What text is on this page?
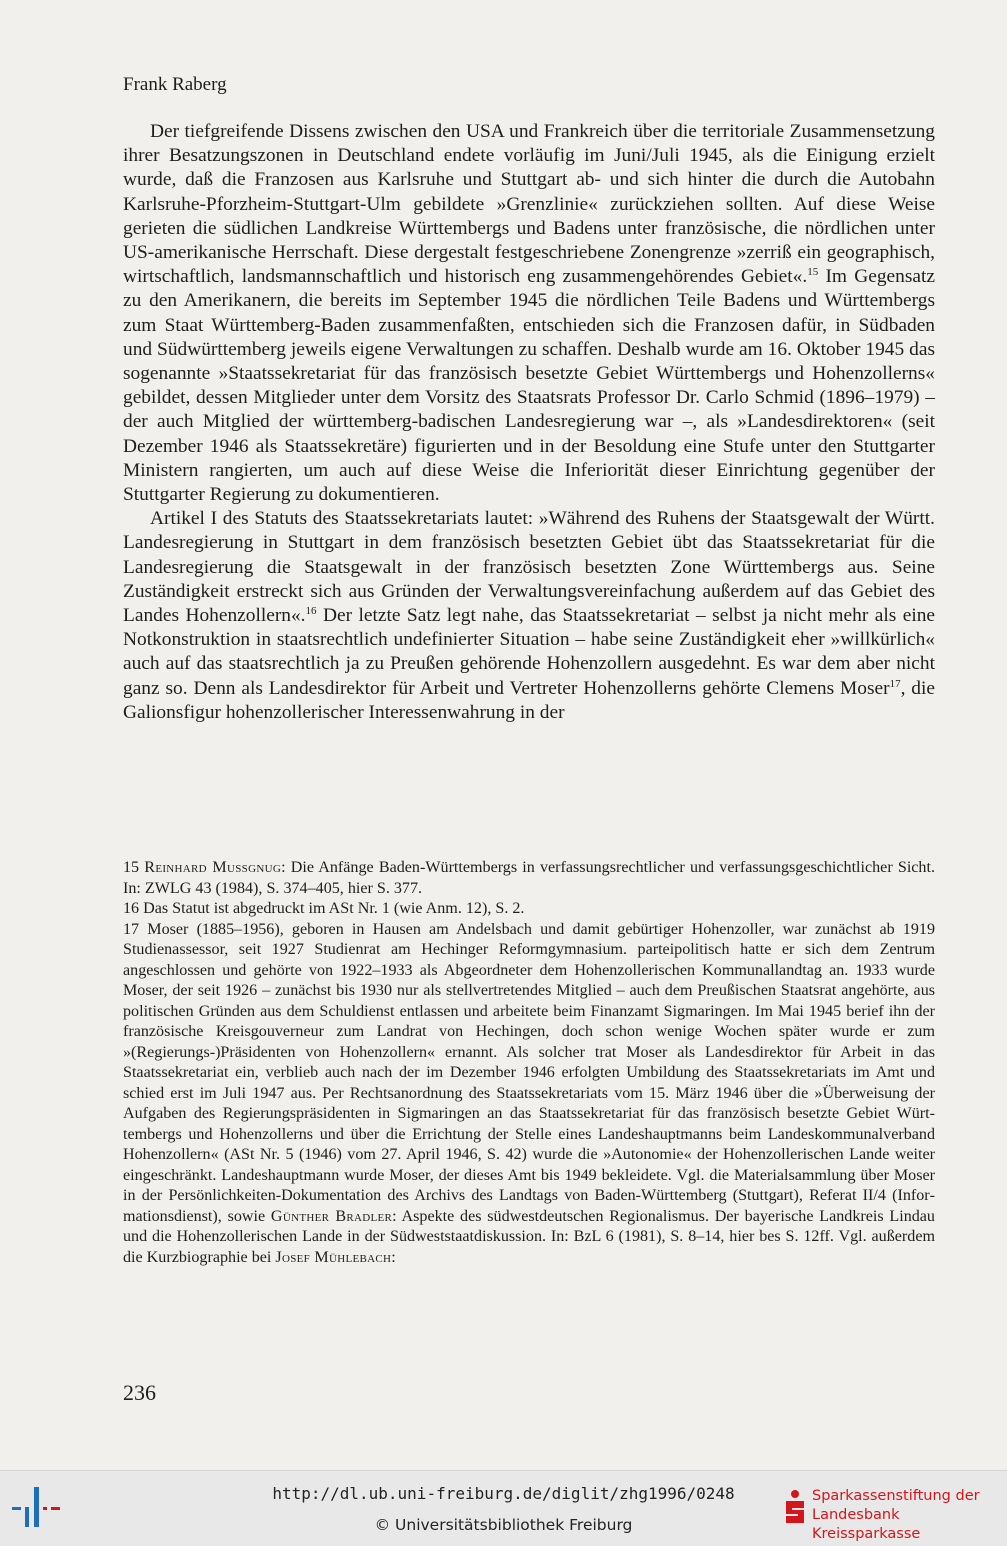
Frank Raberg

Der tiefgreifende Dissens zwischen den USA und Frankreich über die territoriale Zusammensetzung ihrer Besatzungszonen in Deutschland endete vorläufig im Juni/Juli 1945, als die Einigung erzielt wurde, daß die Franzosen aus Karlsruhe und Stuttgart ab- und sich hinter die durch die Autobahn Karlsruhe-Pforzheim-Stuttgart-Ulm gebildete »Grenzlinie« zurückziehen sollten. Auf diese Weise gerieten die südlichen Landkreise Württembergs und Badens unter französische, die nördlichen unter US-amerikanische Herrschaft. Diese dergestalt festgeschriebene Zonengrenze »zerriß ein geographisch, wirtschaftlich, landsmannschaftlich und historisch eng zusammengehörendes Gebiet«.$^{15}$ Im Gegensatz zu den Amerikanern, die bereits im September 1945 die nördlichen Teile Badens und Württembergs zum Staat Württemberg-Baden zusammenfaßten, entschieden sich die Franzosen dafür, in Südbaden und Südwürttemberg jeweils eigene Verwaltungen zu schaffen. Deshalb wurde am 16. Oktober 1945 das sogenannte »Staatssekretariat für das französisch besetzte Gebiet Württembergs und Hohenzollerns« gebildet, dessen Mitglieder unter dem Vorsitz des Staatsrats Professor Dr. Carlo Schmid (1896–1979) – der auch Mitglied der württemberg-badischen Landesregierung war –, als »Landesdirektoren« (seit Dezember 1946 als Staatssekretäre) figurierten und in der Besoldung eine Stufe unter den Stuttgarter Ministern rangierten, um auch auf diese Weise die Inferiorität dieser Einrichtung gegenüber der Stuttgarter Regierung zu dokumentieren.

Artikel I des Statuts des Staatssekretariats lautet: »Während des Ruhens der Staatsgewalt der Württ. Landesregierung in Stuttgart in dem französisch besetzten Gebiet übt das Staatssekretariat für die Landesregierung die Staatsgewalt in der französisch besetzten Zone Württembergs aus. Seine Zuständigkeit erstreckt sich aus Gründen der Verwaltungsvereinfachung außerdem auf das Gebiet des Landes Hohenzollern«.$^{16}$ Der letzte Satz legt nahe, das Staatssekretariat – selbst ja nicht mehr als eine Notkonstruktion in staatsrechtlich undefinierter Situation – habe seine Zuständigkeit eher »willkürlich« auch auf das staatsrechtlich ja zu Preußen gehörende Hohenzollern ausgedehnt. Es war dem aber nicht ganz so. Denn als Landesdirektor für Arbeit und Vertreter Hohenzollerns gehörte Clemens Moser$^{17}$, die Galionsfigur hohenzollerischer Interessenwahrung in der

15 Reinhard Mussgnug: Die Anfänge Baden-Württembergs in verfassungsrechtlicher und verfassungsgeschichtlicher Sicht. In: ZWLG 43 (1984), S. 374–405, hier S. 377.

16 Das Statut ist abgedruckt im ASt Nr. 1 (wie Anm. 12), S. 2.

17 Moser (1885–1956), geboren in Hausen am Andelsbach und damit gebürtiger Hohenzoller, war zunächst ab 1919 Studienassessor, seit 1927 Studienrat am Hechinger Reformgymnasium. parteipolitisch hatte er sich dem Zentrum angeschlossen und gehörte von 1922–1933 als Abgeordneter dem Hohenzollerischen Kommunallandtag an. 1933 wurde Moser, der seit 1926 – zunächst bis 1930 nur als stellvertretendes Mitglied – auch dem Preußischen Staatsrat angehörte, aus politischen Gründen aus dem Schuldienst entlassen und arbeitete beim Finanzamt Sigmaringen. Im Mai 1945 berief ihn der französische Kreisgouverneur zum Landrat von Hechingen, doch schon wenige Wochen später wurde er zum »(Regierungs-)Präsidenten von Hohenzollern« ernannt. Als solcher trat Moser als Landesdirektor für Arbeit in das Staatssekretariat ein, verblieb auch nach der im Dezember 1946 erfolgten Umbildung des Staatssekretariats im Amt und schied erst im Juli 1947 aus. Per Rechtsanordnung des Staatssekretariats vom 15. März 1946 über die »Überweisung der Aufgaben des Regierungspräsidenten in Sigmaringen an das Staatssekretariat für das französisch besetzte Gebiet Württembergs und Hohenzollerns und über die Errichtung der Stelle eines Landeshauptmanns beim Landeskommunalverband Hohenzollern« (ASt Nr. 5 (1946) vom 27. April 1946, S. 42) wurde die »Autonomie« der Hohenzollerischen Lande weiter eingeschränkt. Landeshauptmann wurde Moser, der dieses Amt bis 1949 bekleidete. Vgl. die Materialsammlung über Moser in der Persönlichkeiten-Dokumentation des Archivs des Landtags von Baden-Württemberg (Stuttgart), Referat II/4 (Informationsdienst), sowie Günther Bradler: Aspekte des südwestdeutschen Regionalismus. Der bayerische Landkreis Lindau und die Hohenzollerischen Lande in der Südweststaatdiskussion. In: BzL 6 (1981), S. 8–14, hier bes S. 12ff. Vgl. außerdem die Kurzbiographie bei Josef Mühlebach:

236
http://dl.ub.uni-freiburg.de/diglit/zhg1996/0248
© Universitätsbibliothek Freiburg
Sparkassenstiftung der
Landesbank Kreissparkasse
